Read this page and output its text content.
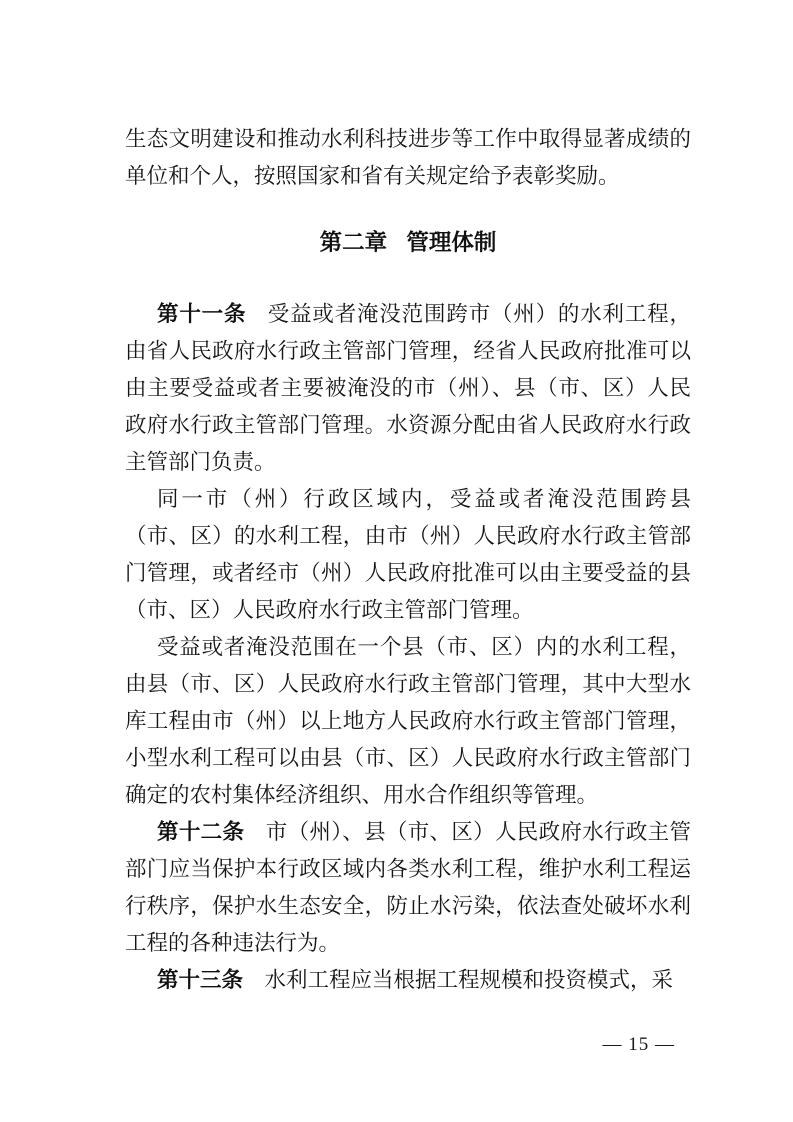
生态文明建设和推动水利科技进步等工作中取得显著成绩的单位和个人，按照国家和省有关规定给予表彰奖励。

第二章 管理体制

第十一条 受益或者淹没范围跨市（州）的水利工程，由省人民政府水行政主管部门管理，经省人民政府批准可以由主要受益或者主要被淹没的市（州）、县（市、区）人民政府水行政主管部门管理。水资源分配由省人民政府水行政主管部门负责。

同一市（州）行政区域内，受益或者淹没范围跨县（市、区）的水利工程，由市（州）人民政府水行政主管部门管理，或者经市（州）人民政府批准可以由主要受益的县（市、区）人民政府水行政主管部门管理。

受益或者淹没范围在一个县（市、区）内的水利工程，由县（市、区）人民政府水行政主管部门管理，其中大型水库工程由市（州）以上地方人民政府水行政主管部门管理，小型水利工程可以由县（市、区）人民政府水行政主管部门确定的农村集体经济组织、用水合作组织等管理。

第十二条 市（州）、县（市、区）人民政府水行政主管部门应当保护本行政区域内各类水利工程，维护水利工程运行秩序，保护水生态安全，防止水污染，依法查处破坏水利工程的各种违法行为。

第十三条 水利工程应当根据工程规模和投资模式，采

— 15 —
